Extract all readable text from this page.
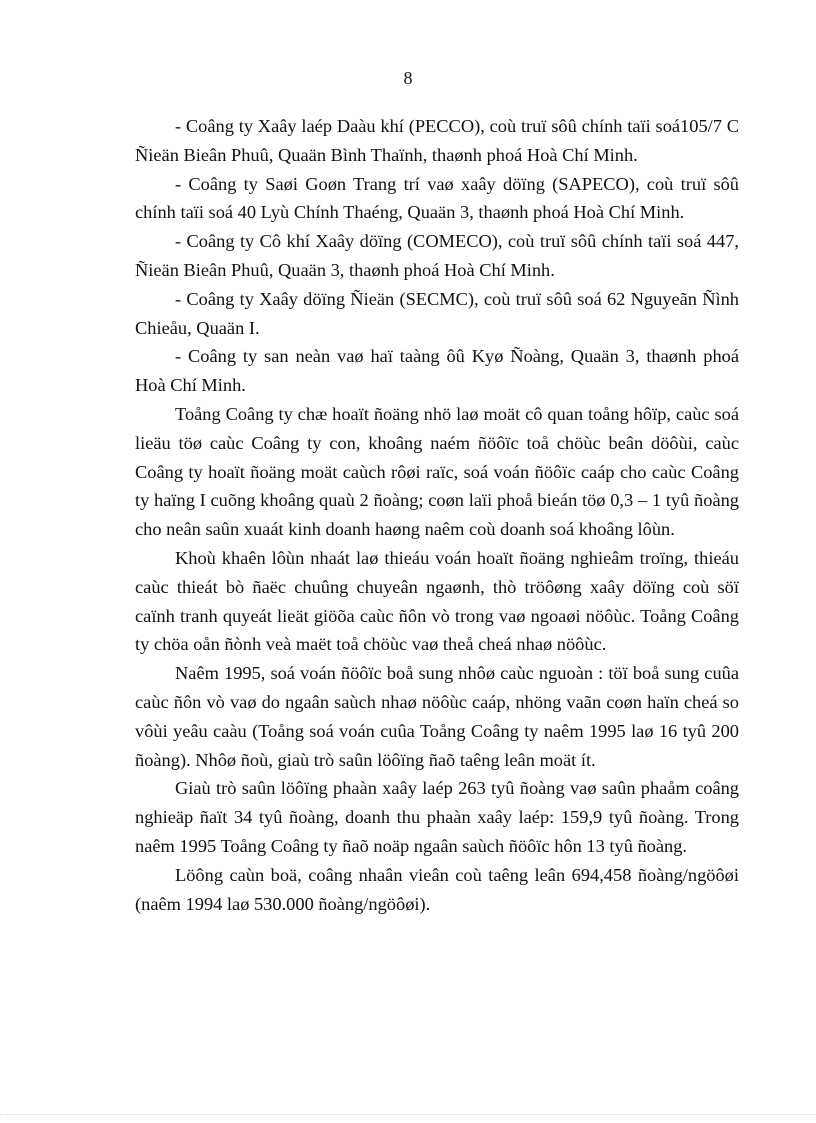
8

- Coâng ty Xaây laép Daàu khí (PECCO), coù truï sôû chính taïi soá105/7 C Ñieän Bieân Phuû, Quaän Bình Thaïnh, thaønh phoá Hoà Chí Minh.

- Coâng ty Saøi Goøn Trang trí vaø xaây döïng (SAPECO), coù truï sôû chính taïi soá 40 Lyù Chính Thaéng, Quaän 3, thaønh phoá Hoà Chí Minh.

- Coâng ty Cô khí Xaây döïng (COMECO), coù truï sôû chính taïi soá 447, Ñieän Bieân Phuû, Quaän 3, thaønh phoá Hoà Chí Minh.

- Coâng ty Xaây döïng Ñieän (SECMC), coù truï sôû soá 62 Nguyeãn Ñình Chieåu, Quaän I.

- Coâng ty san neàn vaø haï taàng ôû Kyø Ñoàng, Quaän 3, thaønh phoá Hoà Chí Minh.

Toång Coâng ty chæ hoaït ñoäng nhö laø moät cô quan toång hôïp, caùc soá lieäu töø caùc Coâng ty con, khoâng naém ñöôïc toå chöùc beân döôùi, caùc Coâng ty hoaït ñoäng moät caùch rôøi raïc, soá voán ñöôïc caáp cho caùc Coâng ty haïng I cuõng khoâng quaù 2 ñoàng; coøn laïi phoå bieán töø 0,3 – 1 tyû ñoàng cho neân saûn xuaát kinh doanh haøng naêm coù doanh soá khoâng lôùn.

Khoù khaên lôùn nhaát laø thieáu voán hoaït ñoäng nghieâm troïng, thieáu caùc thieát bò ñaëc chuûng chuyeân ngaønh, thò tröôøng xaây döïng coù söï caïnh tranh quyeát lieät giöõa caùc ñôn vò trong vaø ngoaøi nöôùc. Toång Coâng ty chöa oån ñònh veà maët toå chöùc vaø theå cheá nhaø nöôùc.

Naêm 1995, soá voán ñöôïc boå sung nhôø caùc nguoàn : töï boå sung cuûa caùc ñôn vò vaø do ngaân saùch nhaø nöôùc caáp, nhöng vaãn coøn haïn cheá so vôùi yeâu caàu (Toång soá voán cuûa Toång Coâng ty naêm 1995 laø 16 tyû 200 ñoàng). Nhôø ñoù, giaù trò saûn löôïng ñaõ taêng leân moät ít.

Giaù trò saûn löôïng phaàn xaây laép 263 tyû ñoàng vaø saûn phaåm coâng nghieäp ñaït 34 tyû ñoàng, doanh thu phaàn xaây laép: 159,9 tyû ñoàng. Trong naêm 1995 Toång Coâng ty ñaõ noäp ngaân saùch ñöôïc hôn 13 tyû ñoàng.

Löông caùn boä, coâng nhaân vieân coù taêng leân 694,458 ñoàng/ngöôøi (naêm 1994 laø 530.000 ñoàng/ngöôøi).
